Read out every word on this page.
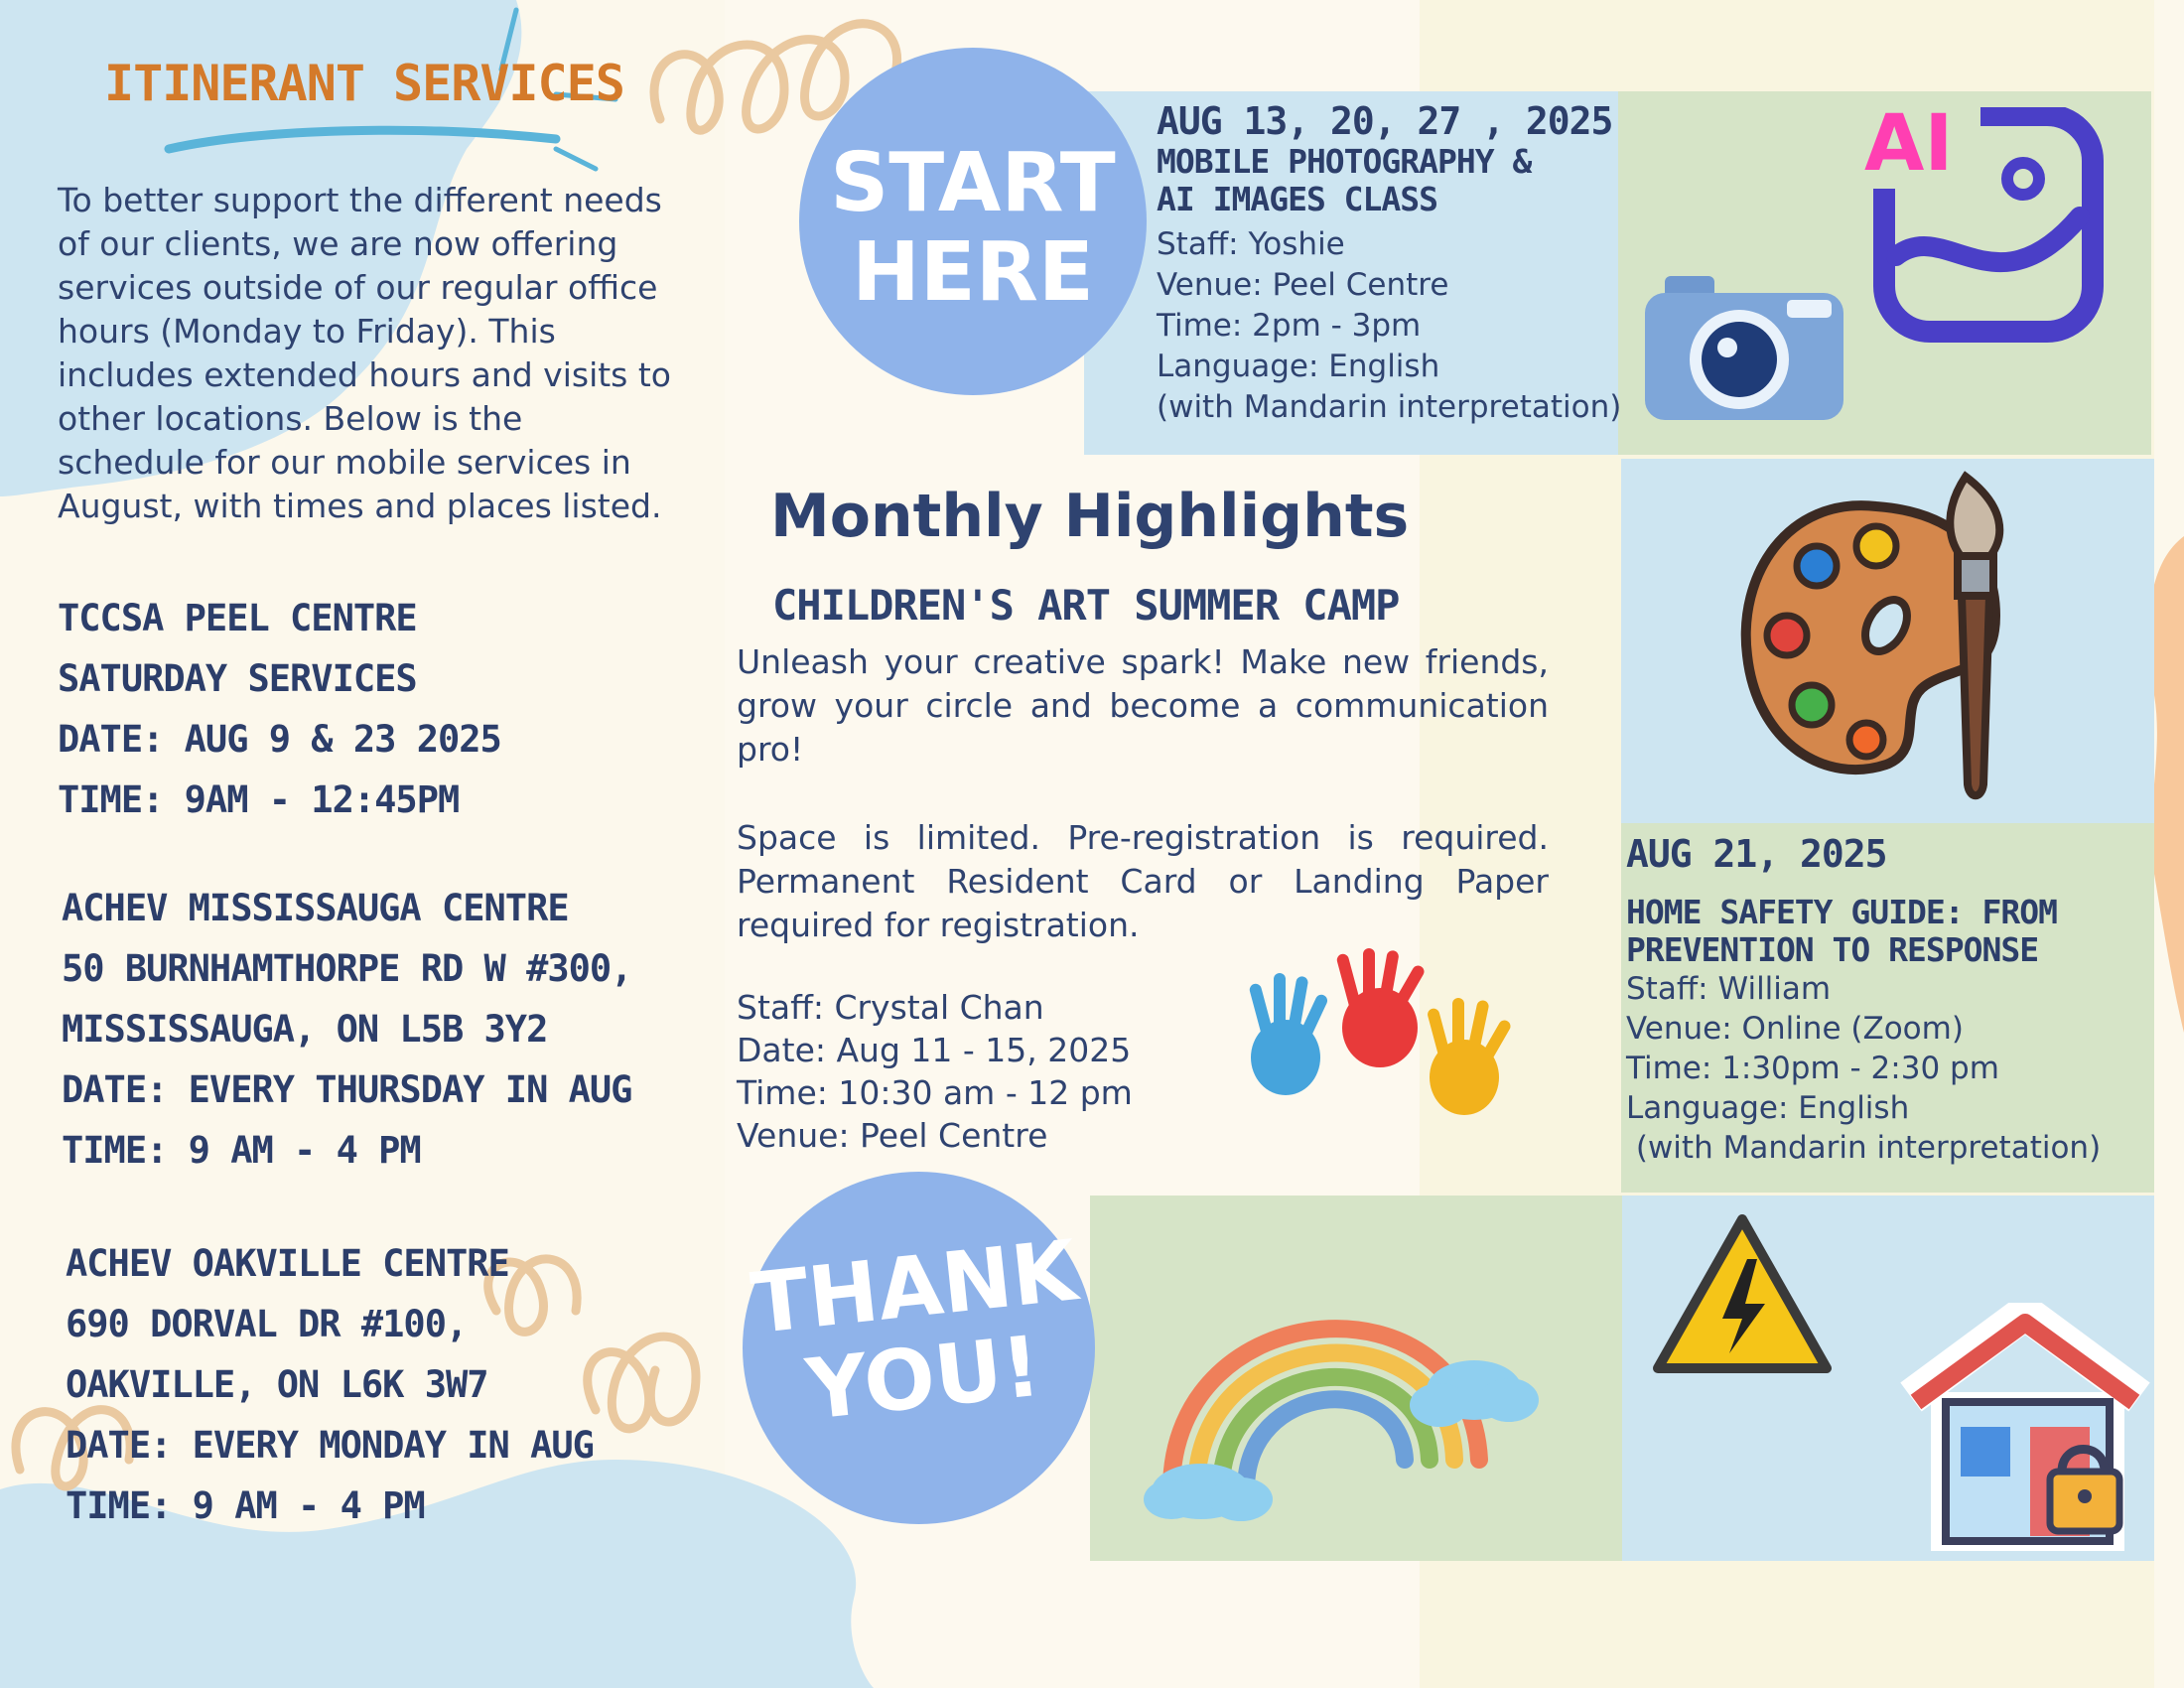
ITINERANT SERVICES
To better support the different needs of our clients, we are now offering services outside of our regular office hours (Monday to Friday). This includes extended hours and visits to other locations. Below is the schedule for our mobile services in August, with times and places listed.
TCCSA PEEL CENTRE
SATURDAY SERVICES
DATE: AUG 9 & 23 2025
TIME: 9AM - 12:45PM
ACHEV MISSISSAUGA CENTRE
50 BURNHAMTHORPE RD W #300,
MISSISSAUGA, ON L5B 3Y2
DATE: EVERY THURSDAY IN AUG
TIME: 9 AM - 4 PM
ACHEV OAKVILLE CENTRE
690 DORVAL DR #100,
OAKVILLE, ON L6K 3W7
DATE: EVERY MONDAY IN AUG
TIME: 9 AM - 4 PM
START
HERE
AUG 13, 20, 27 , 2025
MOBILE PHOTOGRAPHY &
AI IMAGES CLASS
Staff: Yoshie
Venue: Peel Centre
Time: 2pm - 3pm
Language: English
(with Mandarin interpretation)
AI
Monthly Highlights
CHILDREN'S ART SUMMER CAMP
Unleash your creative spark! Make new friends, grow your circle and become a communication pro!
Space is limited. Pre-registration is required. Permanent Resident Card or Landing Paper required for registration.
Staff: Crystal Chan
Date: Aug 11 - 15, 2025
Time: 10:30 am - 12 pm
Venue: Peel Centre
AUG 21, 2025
HOME SAFETY GUIDE: FROM
PREVENTION TO RESPONSE
Staff: William
Venue: Online (Zoom)
Time: 1:30pm - 2:30 pm
Language: English
(with Mandarin interpretation)
THANK
YOU!
